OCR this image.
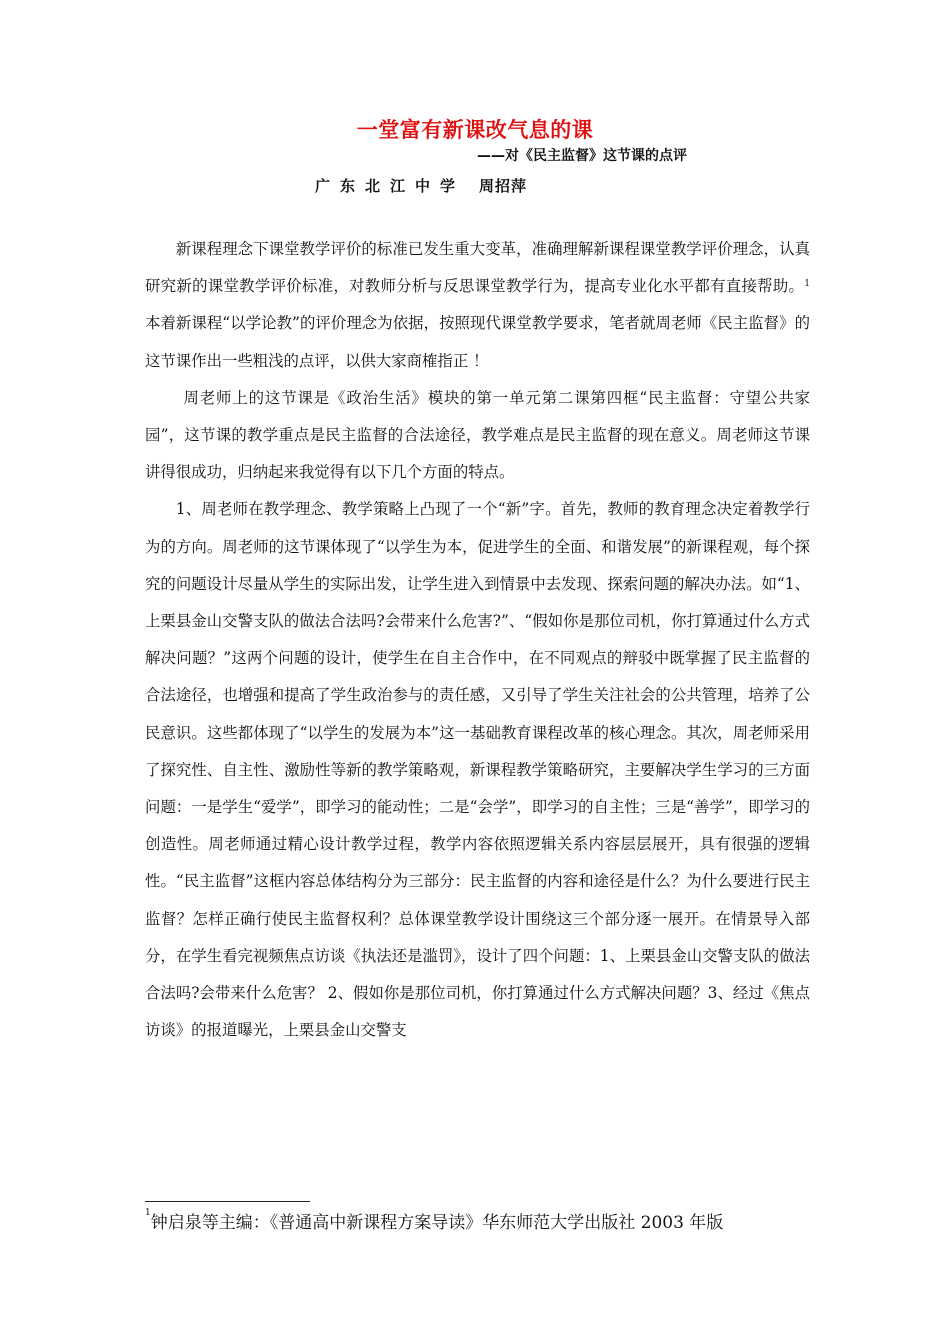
一堂富有新课改气息的课
——对《民主监督》这节课的点评
广东北江中学 周招萍

新课程理念下课堂教学评价的标准已发生重大变革，准确理解新课程课堂教学评价理念，认真研究新的课堂教学评价标准，对教师分析与反思课堂教学行为，提高专业化水平都有直接帮助。$^1$本着新课程“以学论教”的评价理念为依据，按照现代课堂教学要求，笔者就周老师《民主监督》的这节课作出一些粗浅的点评，以供大家商榷指正 ！

周老师上的这节课是《政治生活》模块的第一单元第二课第四框“民主监督：守望公共家园”，这节课的教学重点是民主监督的合法途径，教学难点是民主监督的现在意义。周老师这节课讲得很成功，归纳起来我觉得有以下几个方面的特点。

1、周老师在教学理念、教学策略上凸现了一个“新”字。首先，教师的教育理念决定着教学行为的方向。周老师的这节课体现了“以学生为本，促进学生的全面、和谐发展”的新课程观，每个探究的问题设计尽量从学生的实际出发，让学生进入到情景中去发现、探索问题的解决办法。如“1、上栗县金山交警支队的做法合法吗?会带来什么危害?”、“假如你是那位司机，你打算通过什么方式解决问题？”这两个问题的设计，使学生在自主合作中，在不同观点的辩驳中既掌握了民主监督的合法途径，也增强和提高了学生政治参与的责任感，又引导了学生关注社会的公共管理，培养了公民意识。这些都体现了“以学生的发展为本”这一基础教育课程改革的核心理念。其次，周老师采用了探究性、自主性、激励性等新的教学策略观，新课程教学策略研究，主要解决学生学习的三方面问题：一是学生“爱学”，即学习的能动性；二是“会学”，即学习的自主性；三是“善学”，即学习的创造性。周老师通过精心设计教学过程，教学内容依照逻辑关系内容层层展开，具有很强的逻辑性。“民主监督”这框内容总体结构分为三部分：民主监督的内容和途径是什么？为什么要进行民主监督？怎样正确行使民主监督权利？总体课堂教学设计围绕这三个部分逐一展开。在情景导入部分，在学生看完视频焦点访谈《执法还是滥罚》，设计了四个问题：1、上栗县金山交警支队的做法合法吗?会带来什么危害？ 2、假如你是那位司机，你打算通过什么方式解决问题？3、经过《焦点访谈》的报道曝光，上栗县金山交警支

$^1$钟启泉等主编：《普通高中新课程方案导读》华东师范大学出版社 2003 年版
